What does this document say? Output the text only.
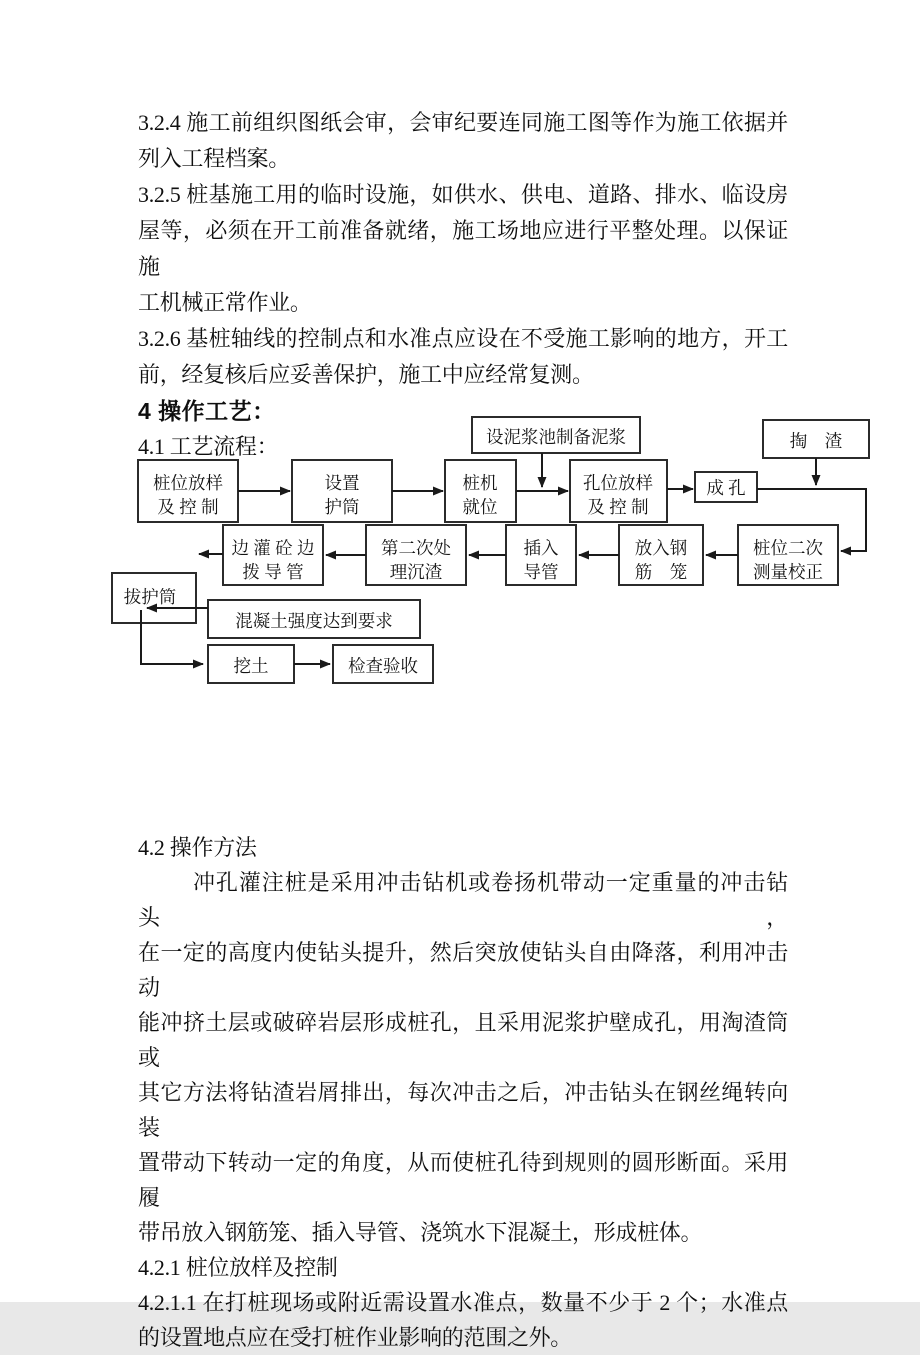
3.2.4 施工前组织图纸会审，会审纪要连同施工图等作为施工依据并
列入工程档案。
3.2.5 桩基施工用的临时设施，如供水、供电、道路、排水、临设房
屋等，必须在开工前准备就绪，施工场地应进行平整处理。以保证施
工机械正常作业。
3.2.6 基桩轴线的控制点和水准点应设在不受施工影响的地方，开工
前，经复核后应妥善保护，施工中应经常复测。
4 操作工艺：
4.1 工艺流程：	设泥浆池制备泥浆	掏　渣
桩位放样
及 控 制
设置
护筒
桩机
就位
孔位放样
及 控 制
成 孔
桩位二次
测量校正
放入钢
筋　笼
插入
导管
第二次处
理沉渣
边 灌 砼 边
拨 导 管
拔护筒
混凝土强度达到要求
挖土	检查验收
4.2 操作方法
冲孔灌注桩是采用冲击钻机或卷扬机带动一定重量的冲击钻头，
在一定的高度内使钻头提升，然后突放使钻头自由降落，利用冲击动
能冲挤土层或破碎岩层形成桩孔，且采用泥浆护壁成孔，用淘渣筒或
其它方法将钻渣岩屑排出，每次冲击之后，冲击钻头在钢丝绳转向装
置带动下转动一定的角度，从而使桩孔待到规则的圆形断面。采用履
带吊放入钢筋笼、插入导管、浇筑水下混凝土，形成桩体。
4.2.1 桩位放样及控制
4.2.1.1 在打桩现场或附近需设置水准点，数量不少于 2 个；水准点
的设置地点应在受打桩作业影响的范围之外。
